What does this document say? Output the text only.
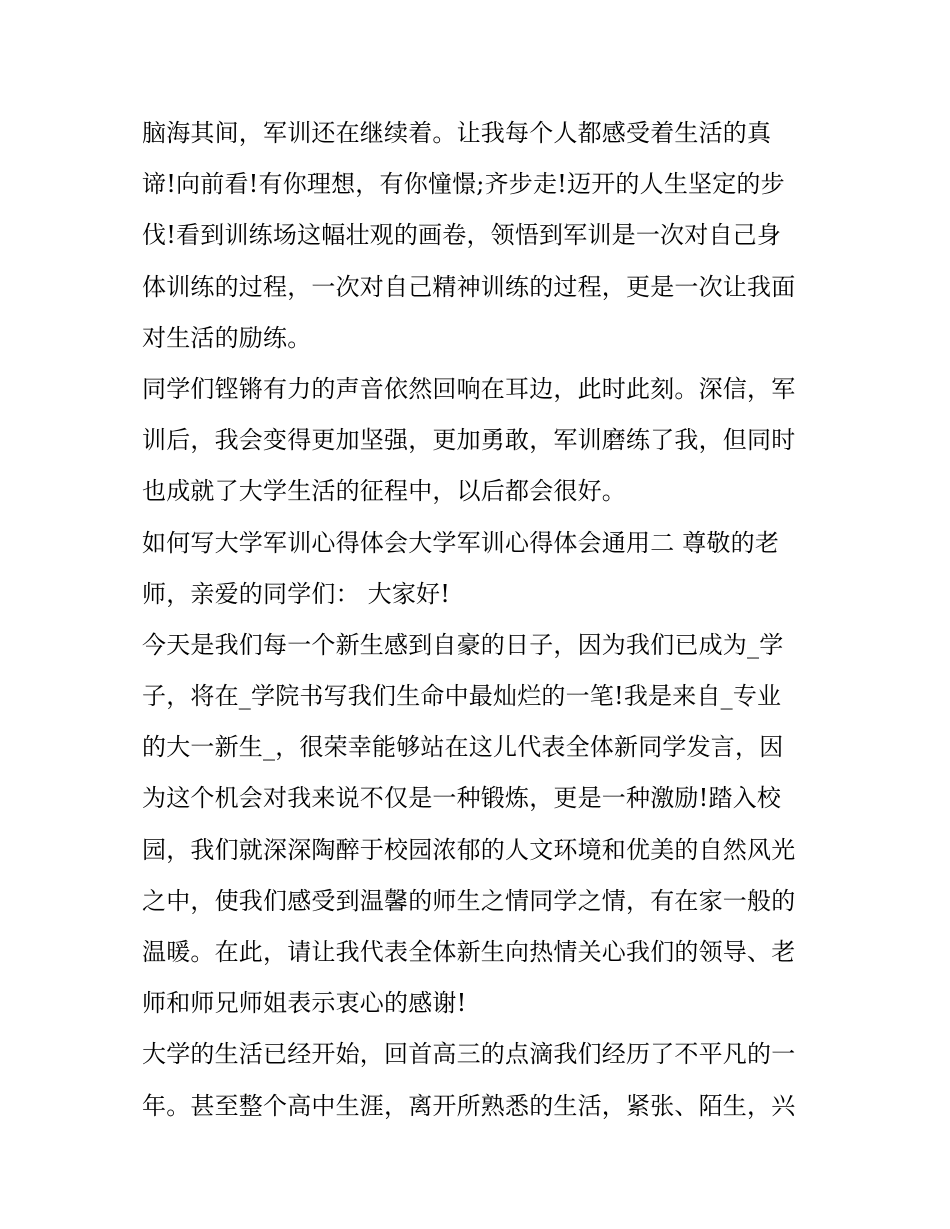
脑海其间，军训还在继续着。让我每个人都感受着生活的真
谛!向前看!有你理想，有你憧憬;齐步走!迈开的人生坚定的步
伐!看到训练场这幅壮观的画卷，领悟到军训是一次对自己身
体训练的过程，一次对自己精神训练的过程，更是一次让我面
对生活的励练。
同学们铿锵有力的声音依然回响在耳边，此时此刻。深信，军
训后，我会变得更加坚强，更加勇敢，军训磨练了我，但同时
也成就了大学生活的征程中，以后都会很好。
如何写大学军训心得体会大学军训心得体会通用二 尊敬的老
师，亲爱的同学们： 大家好!
今天是我们每一个新生感到自豪的日子，因为我们已成为_学
子，将在_学院书写我们生命中最灿烂的一笔!我是来自_专业
的大一新生_，很荣幸能够站在这儿代表全体新同学发言，因
为这个机会对我来说不仅是一种锻炼，更是一种激励!踏入校
园，我们就深深陶醉于校园浓郁的人文环境和优美的自然风光
之中，使我们感受到温馨的师生之情同学之情，有在家一般的
温暖。在此，请让我代表全体新生向热情关心我们的领导、老
师和师兄师姐表示衷心的感谢!
大学的生活已经开始，回首高三的点滴我们经历了不平凡的一
年。甚至整个高中生涯，离开所熟悉的生活，紧张、陌生，兴
